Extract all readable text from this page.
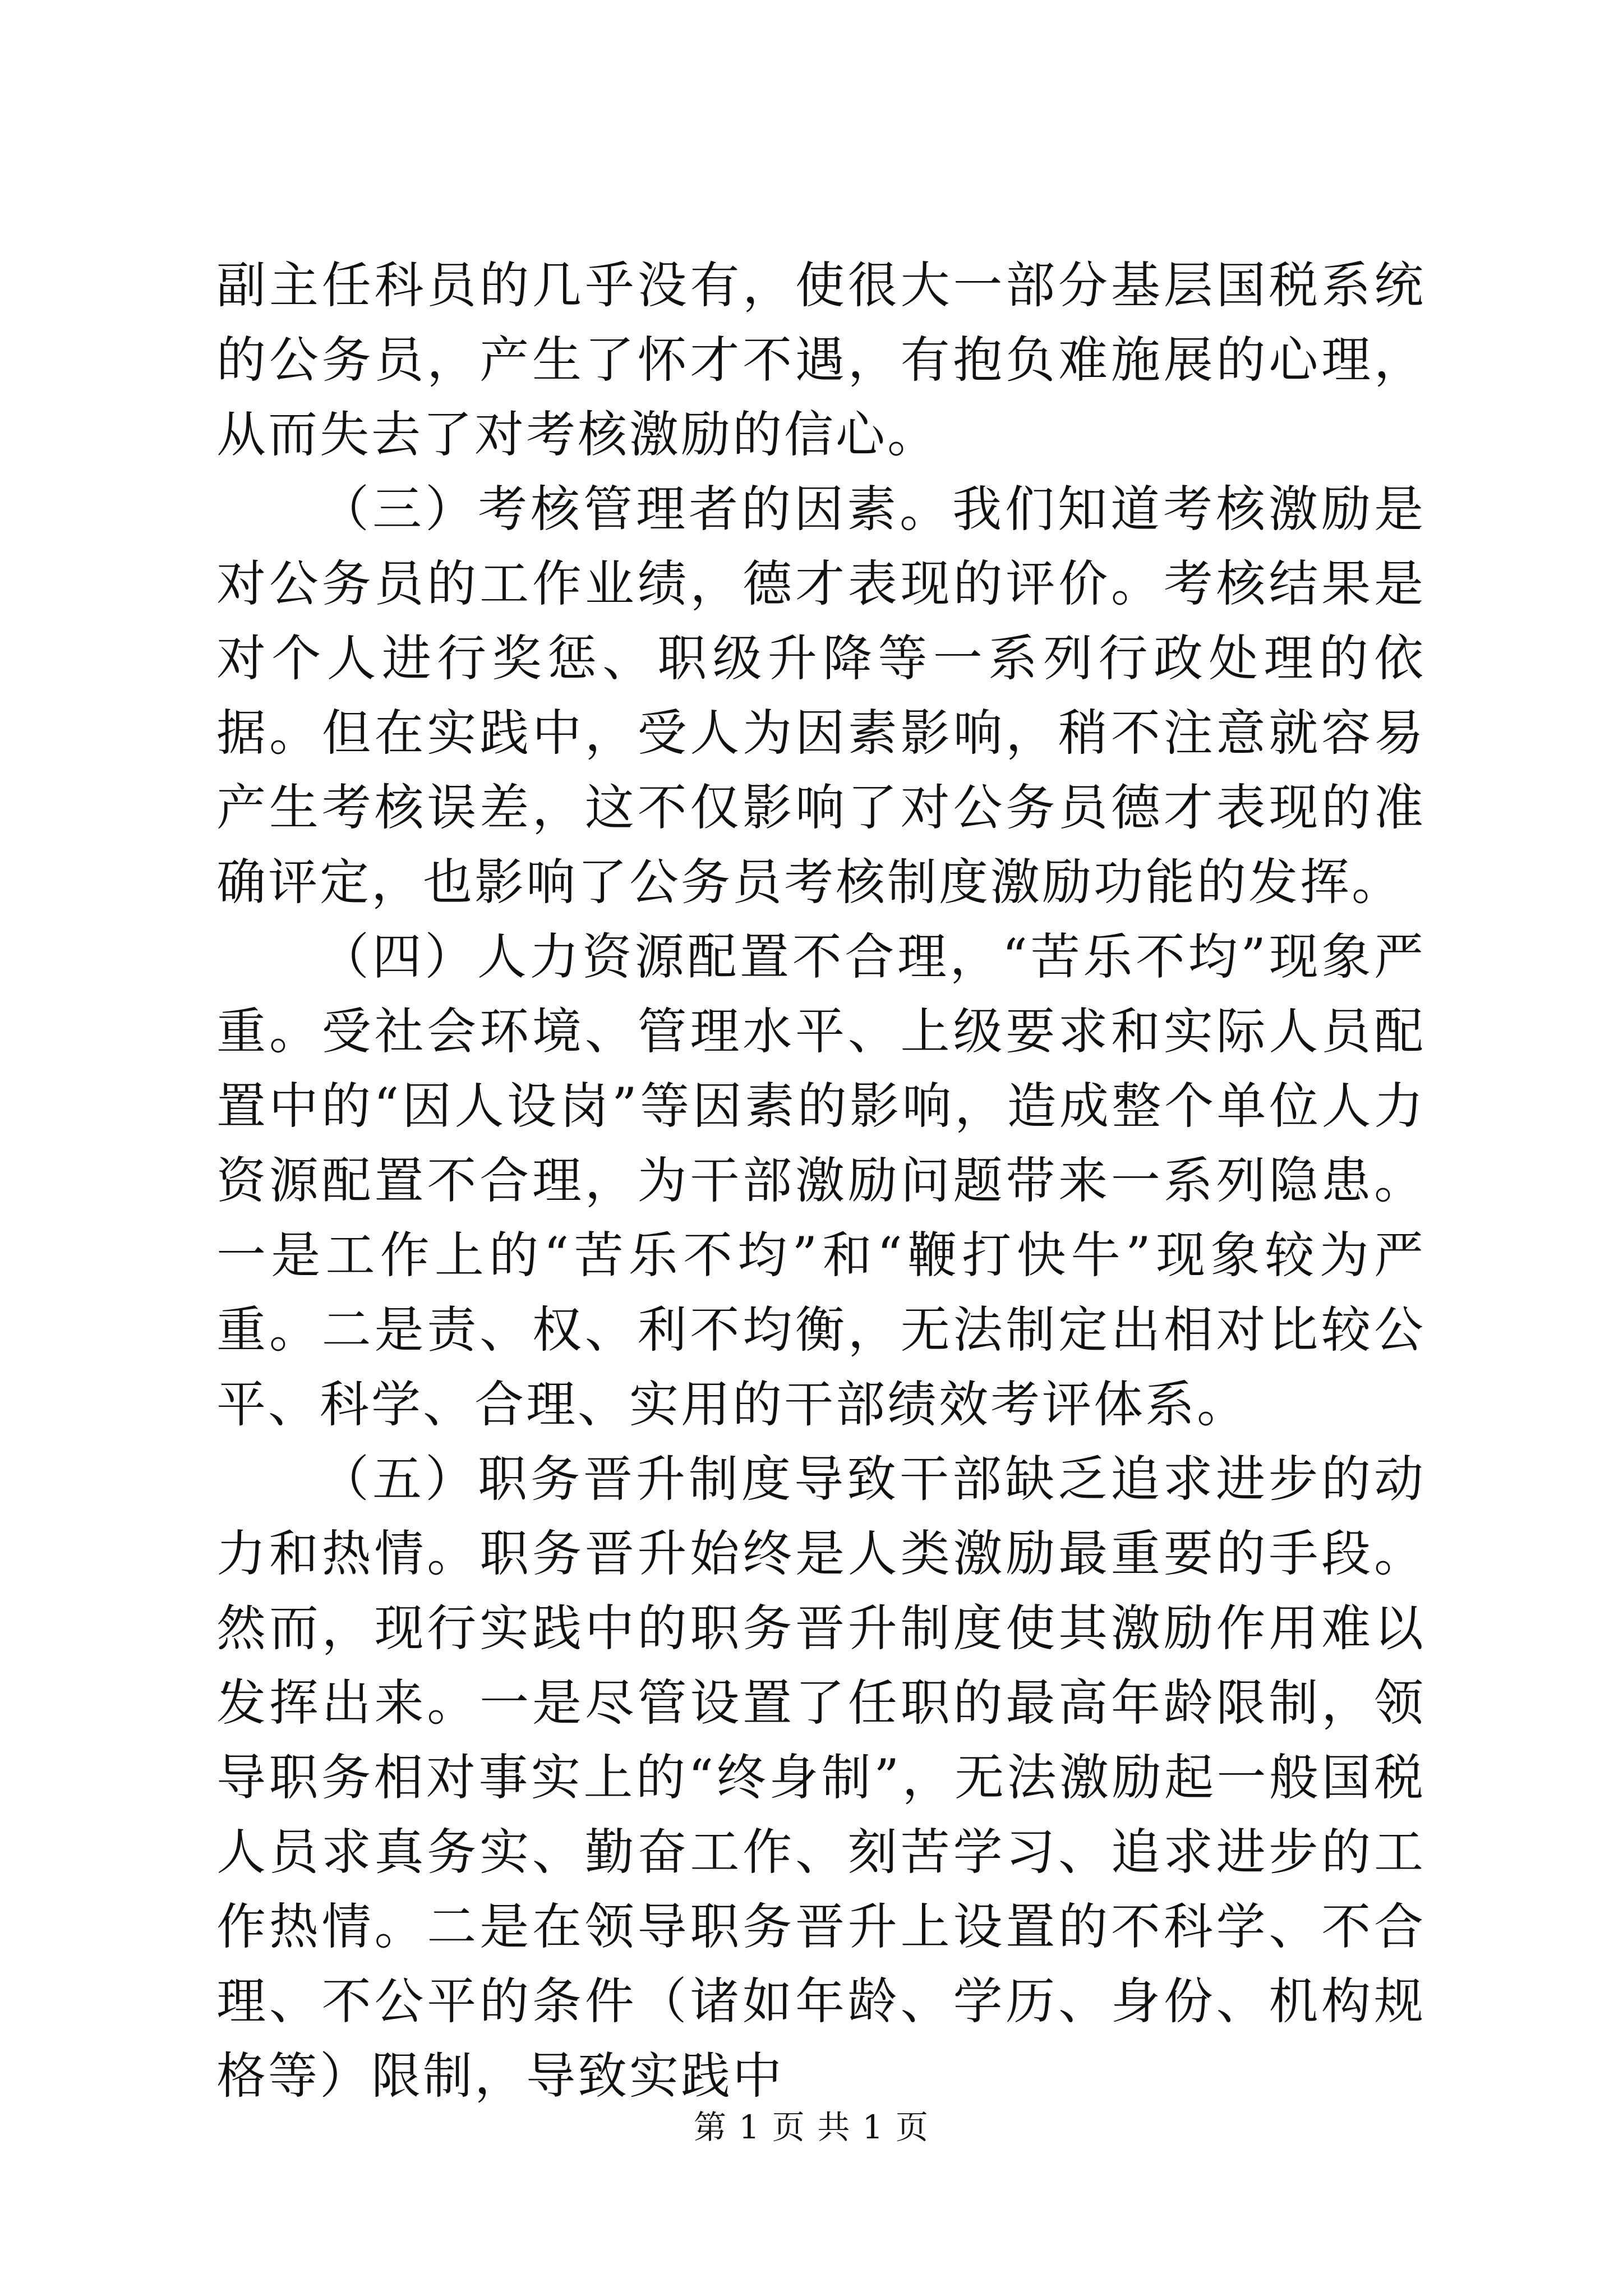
副主任科员的几乎没有，使很大一部分基层国税系统的公务员，产生了怀才不遇，有抱负难施展的心理，从而失去了对考核激励的信心。

（三）考核管理者的因素。我们知道考核激励是对公务员的工作业绩，德才表现的评价。考核结果是对个人进行奖惩、职级升降等一系列行政处理的依据。但在实践中，受人为因素影响，稍不注意就容易产生考核误差，这不仅影响了对公务员德才表现的准确评定，也影响了公务员考核制度激励功能的发挥。

（四）人力资源配置不合理，“苦乐不均”现象严重。受社会环境、管理水平、上级要求和实际人员配置中的“因人设岗”等因素的影响，造成整个单位人力资源配置不合理，为干部激励问题带来一系列隐患。一是工作上的“苦乐不均”和“鞭打快牛”现象较为严重。二是责、权、利不均衡，无法制定出相对比较公平、科学、合理、实用的干部绩效考评体系。

（五）职务晋升制度导致干部缺乏追求进步的动力和热情。职务晋升始终是人类激励最重要的手段。然而，现行实践中的职务晋升制度使其激励作用难以发挥出来。一是尽管设置了任职的最高年龄限制，领导职务相对事实上的“终身制”，无法激励起一般国税人员求真务实、勤奋工作、刻苦学习、追求进步的工作热情。二是在领导职务晋升上设置的不科学、不合理、不公平的条件（诸如年龄、学历、身份、机构规格等）限制，导致实践中

第 1 页 共 1 页
